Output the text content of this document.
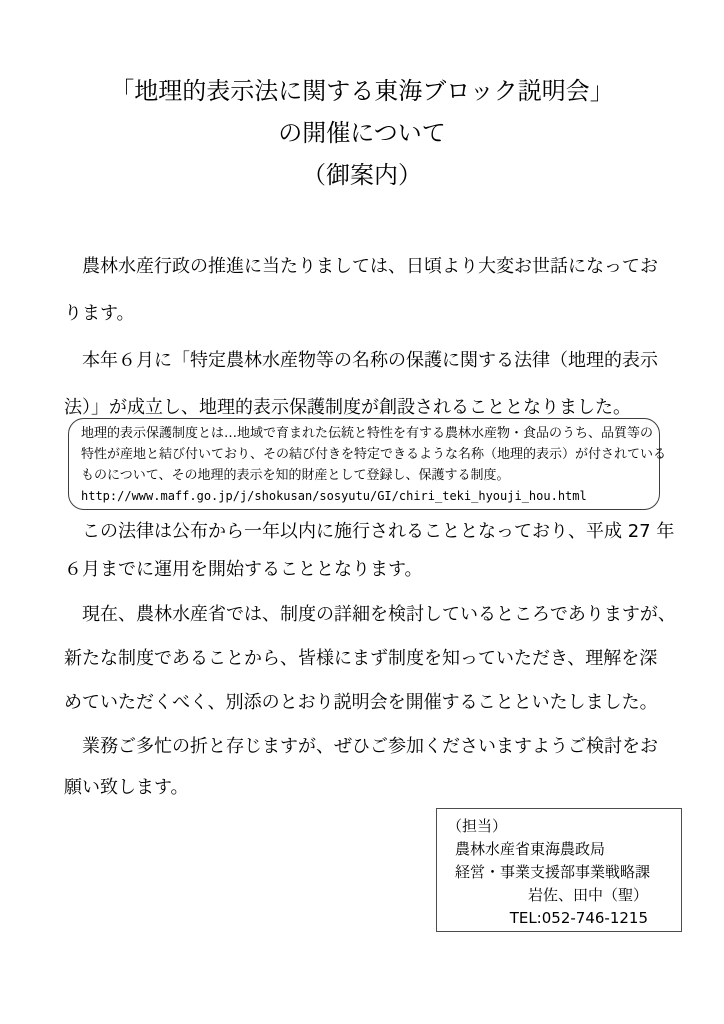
「地理的表示法に関する東海ブロック説明会」
の開催について
（御案内）
　農林水産行政の推進に当たりましては、日頃より大変お世話になってお
ります。
　本年６月に「特定農林水産物等の名称の保護に関する法律（地理的表示
法）」が成立し、地理的表示保護制度が創設されることとなりました。
地理的表示保護制度とは…地域で育まれた伝統と特性を有する農林水産物・食品のうち、品質等の
特性が産地と結び付いており、その結び付きを特定できるような名称（地理的表示）が付されている
ものについて、その地理的表示を知的財産として登録し、保護する制度。
http://www.maff.go.jp/j/shokusan/sosyutu/GI/chiri_teki_hyouji_hou.html
　この法律は公布から一年以内に施行されることとなっており、平成 27 年
６月までに運用を開始することとなります。
　現在、農林水産省では、制度の詳細を検討しているところでありますが、
新たな制度であることから、皆様にまず制度を知っていただき、理解を深
めていただくべく、別添のとおり説明会を開催することといたしました。
　業務ご多忙の折と存じますが、ぜひご参加くださいますようご検討をお
願い致します。
（担当）
農林水産省東海農政局
経営・事業支援部事業戦略課
岩佐、田中（聖）
TEL:052-746-1215
